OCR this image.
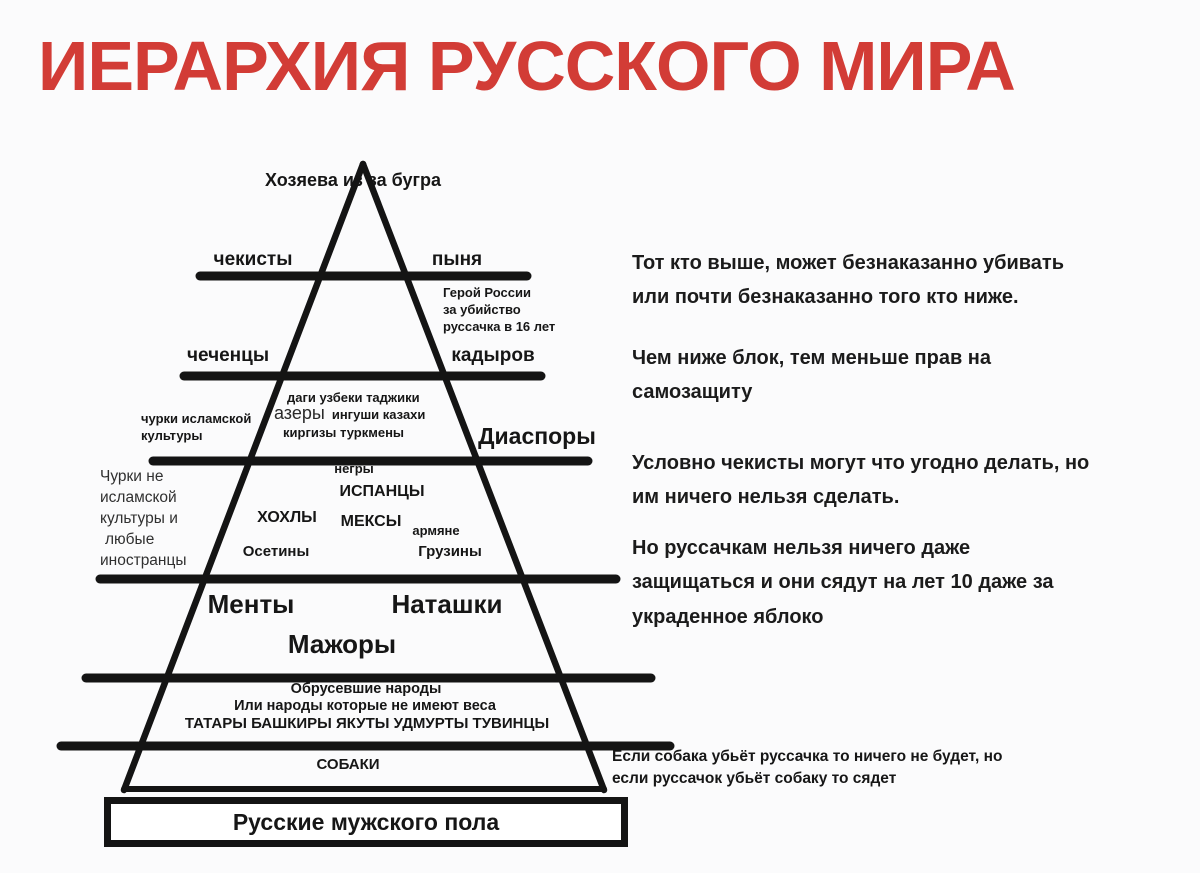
ИЕРАРХИЯ РУССКОГО МИРА
Хозяева из за бугра
чекисты	пыня
Герой России
за убийство
руссачка в 16 лет
чеченцы	кадыров
даги узбеки таджики
азеры ингуши казахи
киргизы туркмены
чурки исламской
культуры	Диаспоры
Чурки не
исламской
культуры и
любые
иностранцы
негры
ИСПАНЦЫ
ХОХЛЫ МЕКСЫ
армяне
Осетины	Грузины
Менты	Наташки
Мажоры
Обрусевшие народы
Или народы которые не имеют веса
ТАТАРЫ БАШКИРЫ ЯКУТЫ УДМУРТЫ ТУВИНЦЫ
СОБАКИ	Если собака убьёт руссачка то ничего не будет, но
если руссачок убьёт собаку то сядет
Русские мужского пола
Тот кто выше, может безнаказанно убивать
или почти безнаказанно того кто ниже.
Чем ниже блок, тем меньше прав на
самозащиту
Условно чекисты могут что угодно делать, но
им ничего нельзя сделать.
Но руссачкам нельзя ничего даже
защищаться и они сядут на лет 10 даже за
украденное яблоко
